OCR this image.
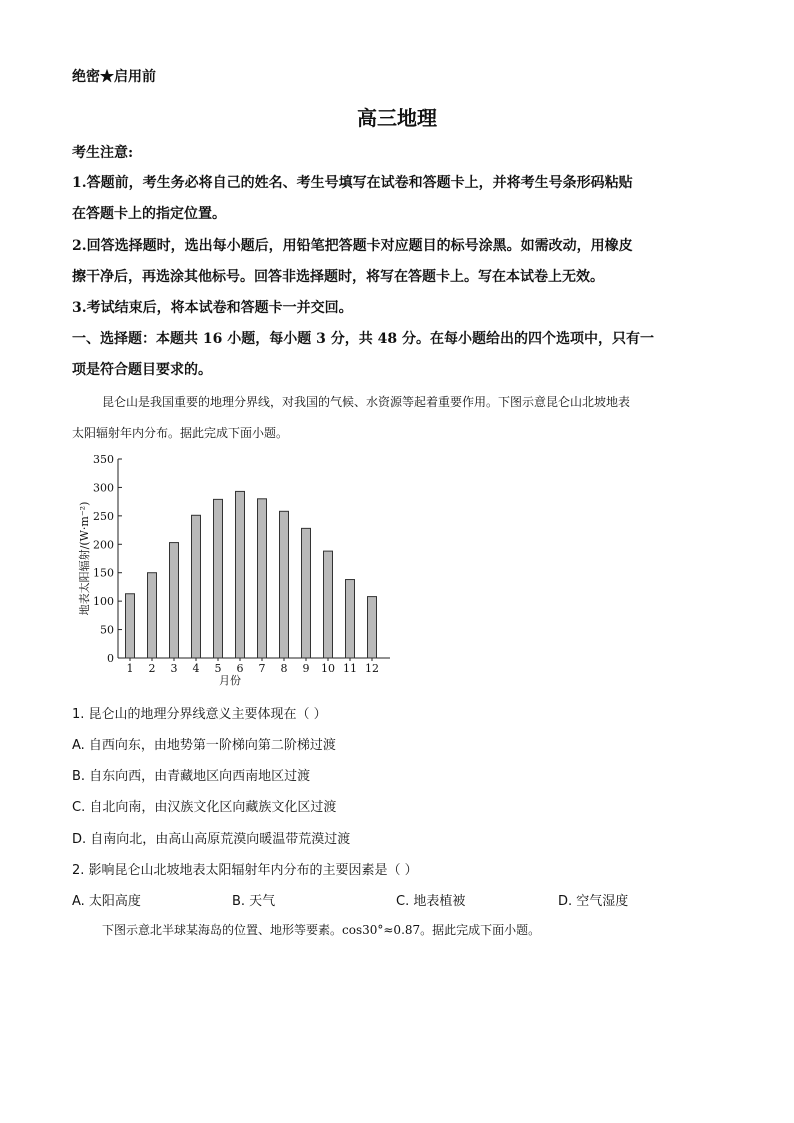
绝密★启用前
高三地理
考生注意:
1.答题前，考生务必将自己的姓名、考生号填写在试卷和答题卡上，并将考生号条形码粘贴
在答题卡上的指定位置。
2.回答选择题时，选出每小题后，用铅笔把答题卡对应题目的标号涂黑。如需改动，用橡皮
擦干净后，再选涂其他标号。回答非选择题时，将写在答题卡上。写在本试卷上无效。
3.考试结束后，将本试卷和答题卡一并交回。
一、选择题：本题共 16 小题，每小题 3 分，共 48 分。在每小题给出的四个选项中，只有一
项是符合题目要求的。
昆仑山是我国重要的地理分界线，对我国的气候、水资源等起着重要作用。下图示意昆仑山北坡地表
太阳辐射年内分布。据此完成下面小题。
0
50
100
150
200
250
300
350
1 2 3 4 5 6 7 8 9 10 11 12
月份
地表太阳辐射/(W·m⁻²)
1. 昆仑山的地理分界线意义主要体现在（ ）
A. 自西向东，由地势第一阶梯向第二阶梯过渡
B. 自东向西，由青藏地区向西南地区过渡
C. 自北向南，由汉族文化区向藏族文化区过渡
D. 自南向北，由高山高原荒漠向暖温带荒漠过渡
2. 影响昆仑山北坡地表太阳辐射年内分布的主要因素是（ ）
A. 太阳高度	B. 天气	C. 地表植被	D. 空气湿度
下图示意北半球某海岛的位置、地形等要素。cos30°≈0.87。据此完成下面小题。
